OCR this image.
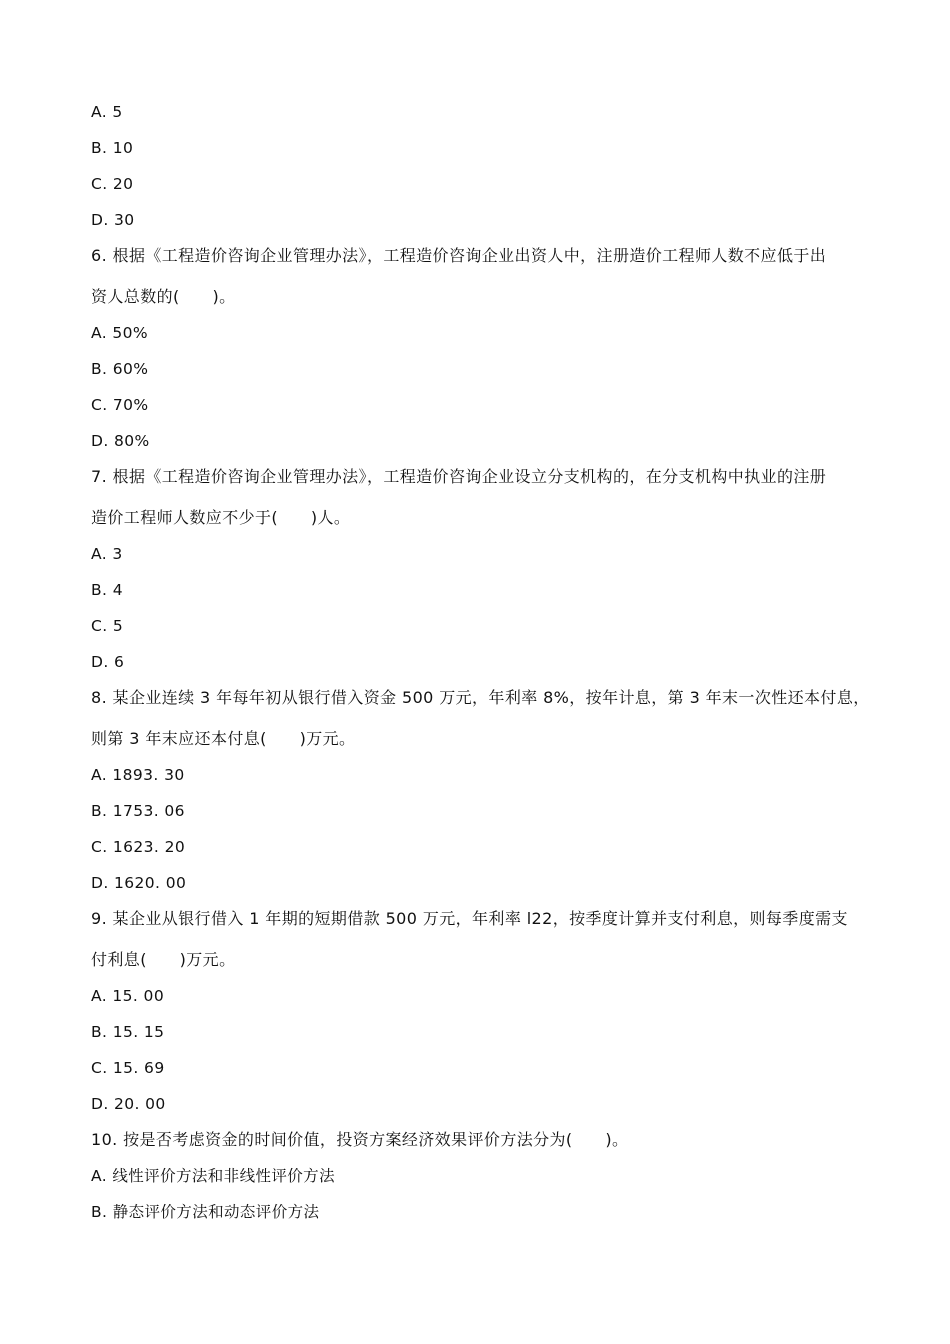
A. 5
B. 10
C. 20
D. 30
6. 根据《工程造价咨询企业管理办法》，工程造价咨询企业出资人中，注册造价工程师人数不应低于出
资人总数的(　　)。
A. 50%
B. 60%
C. 70%
D. 80%
7. 根据《工程造价咨询企业管理办法》，工程造价咨询企业设立分支机构的，在分支机构中执业的注册
造价工程师人数应不少于(　　)人。
A. 3
B. 4
C. 5
D. 6
8. 某企业连续 3 年每年初从银行借入资金 500 万元，年利率 8%，按年计息，第 3 年末一次性还本付息，
则第 3 年末应还本付息(　　)万元。
A. 1893. 30
B. 1753. 06
C. 1623. 20
D. 1620. 00
9. 某企业从银行借入 1 年期的短期借款 500 万元，年利率 l22，按季度计算并支付利息，则每季度需支
付利息(　　)万元。
A. 15. 00
B. 15. 15
C. 15. 69
D. 20. 00
10. 按是否考虑资金的时间价值，投资方案经济效果评价方法分为(　　)。
A. 线性评价方法和非线性评价方法
B. 静态评价方法和动态评价方法
